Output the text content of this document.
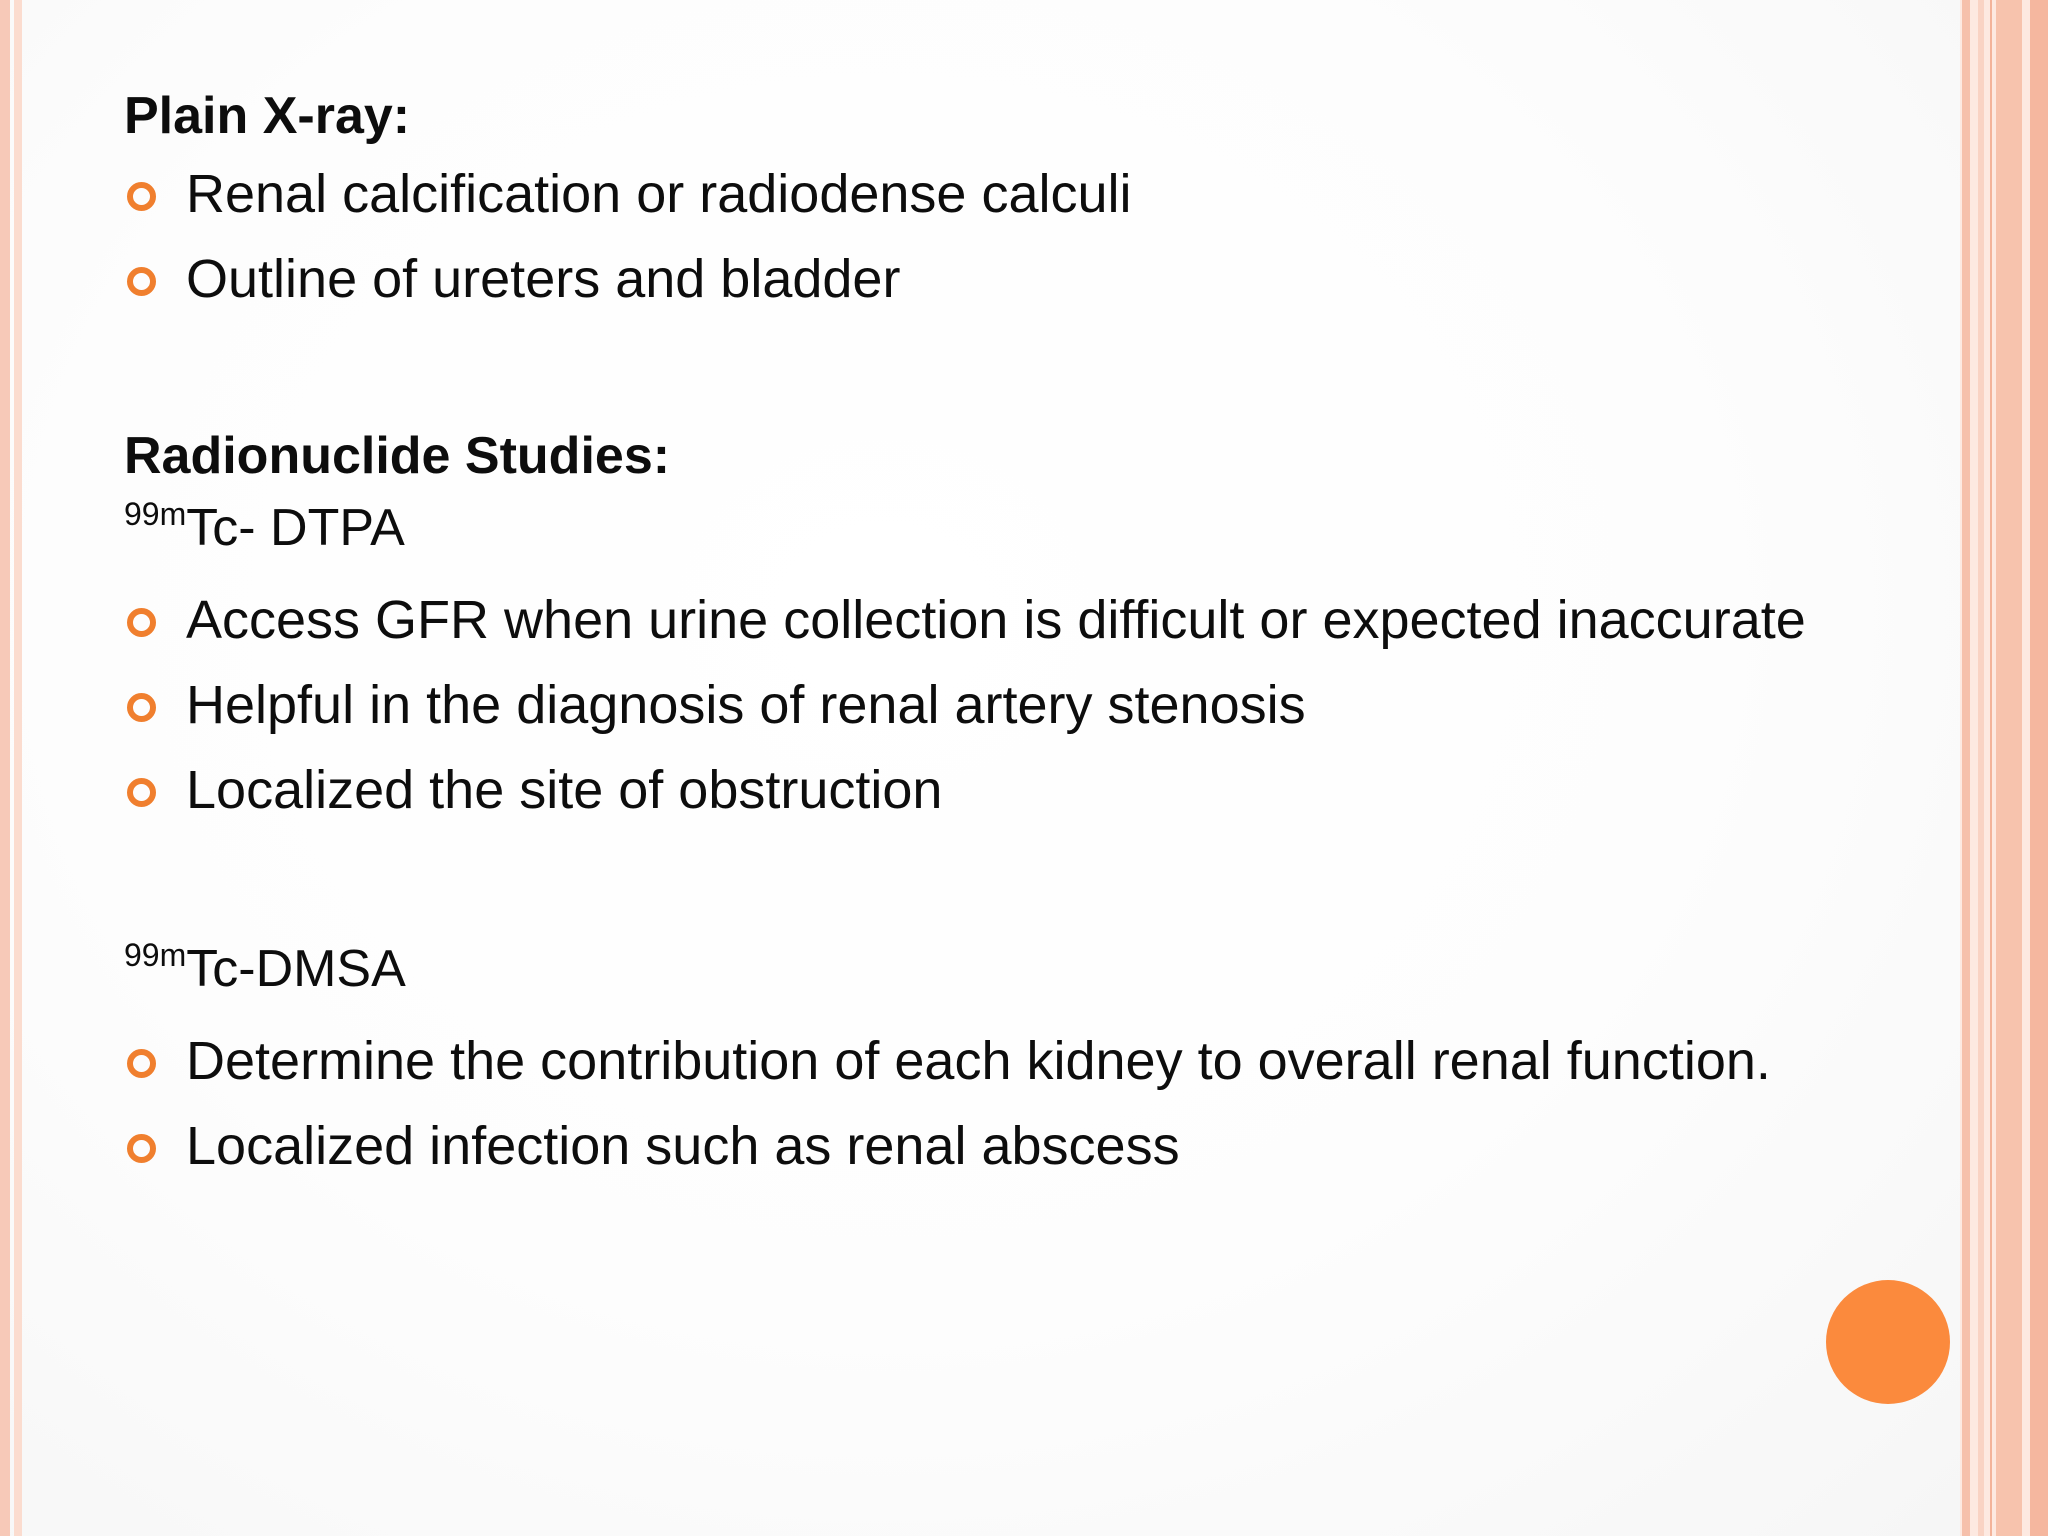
Plain X-ray:
Renal calcification or radiodense calculi
Outline of ureters and bladder
Radionuclide Studies:
$^{99m}$Tc- DTPA
Access GFR when urine collection is difficult or expected inaccurate
Helpful in the diagnosis of renal artery stenosis
Localized the site of obstruction
$^{99m}$Tc-DMSA
Determine the contribution of each kidney to overall renal function.
Localized infection such as renal abscess
